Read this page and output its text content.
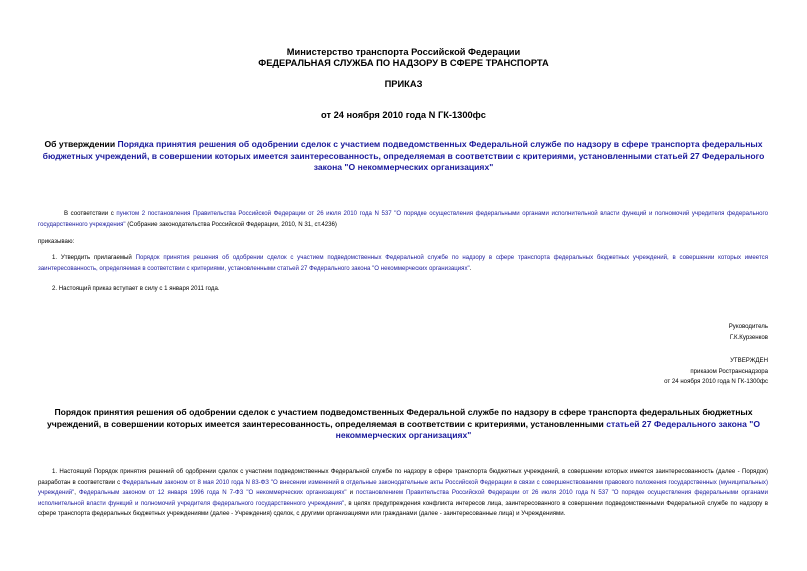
Министерство транспорта Российской Федерации
ФЕДЕРАЛЬНАЯ СЛУЖБА ПО НАДЗОРУ В СФЕРЕ ТРАНСПОРТА
ПРИКАЗ
от 24 ноября 2010 года N ГК-1300фс
Об утверждении Порядка принятия решения об одобрении сделок с участием подведомственных Федеральной службе по надзору в сфере транспорта федеральных бюджетных учреждений, в совершении которых имеется заинтересованность, определяемая в соответствии с критериями, установленными статьей 27 Федерального закона "О некоммерческих организациях"
В соответствии с пунктом 2 постановления Правительства Российской Федерации от 26 июля 2010 года N 537 "О порядке осуществления федеральными органами исполнительной власти функций и полномочий учредителя федерального государственного учреждения" (Собрание законодательства Российской Федерации, 2010, N 31, ст.4236)
приказываю:
1. Утвердить прилагаемый Порядок принятия решения об одобрении сделок с участием подведомственных Федеральной службе по надзору в сфере транспорта федеральных бюджетных учреждений, в совершении которых имеется заинтересованность, определяемая в соответствии с критериями, установленными статьей 27 Федерального закона "О некоммерческих организациях".
2. Настоящий приказ вступает в силу с 1 января 2011 года.
Руководитель
Г.К.Курзенков
УТВЕРЖДЕН
приказом Ространснадзора
от 24 ноября 2010 года N ГК-1300фс
Порядок принятия решения об одобрении сделок с участием подведомственных Федеральной службе по надзору в сфере транспорта федеральных бюджетных учреждений, в совершении которых имеется заинтересованность, определяемая в соответствии с критериями, установленными статьей 27 Федерального закона "О некоммерческих организациях"
1. Настоящий Порядок принятия решений об одобрении сделок с участием подведомственных Федеральной службе по надзору в сфере транспорта бюджетных учреждений, в совершении которых имеется заинтересованность (далее - Порядок) разработан в соответствии с Федеральным законом от 8 мая 2010 года N 83-ФЗ "О внесении изменений в отдельные законодательные акты Российской Федерации в связи с совершенствованием правового положения государственных (муниципальных) учреждений", Федеральным законом от 12 января 1996 года N 7-ФЗ "О некоммерческих организациях" и постановлением Правительства Российской Федерации от 26 июля 2010 года N 537 "О порядке осуществления федеральными органами исполнительной власти функций и полномочий учредителя федерального государственного учреждения", в целях предупреждения конфликта интересов лица, заинтересованного в совершении подведомственными Федеральной службе по надзору в сфере транспорта федеральных бюджетных учреждениями (далее - Учреждения) сделок, с другими организациями или гражданами (далее - заинтересованные лица) и Учреждениями.
